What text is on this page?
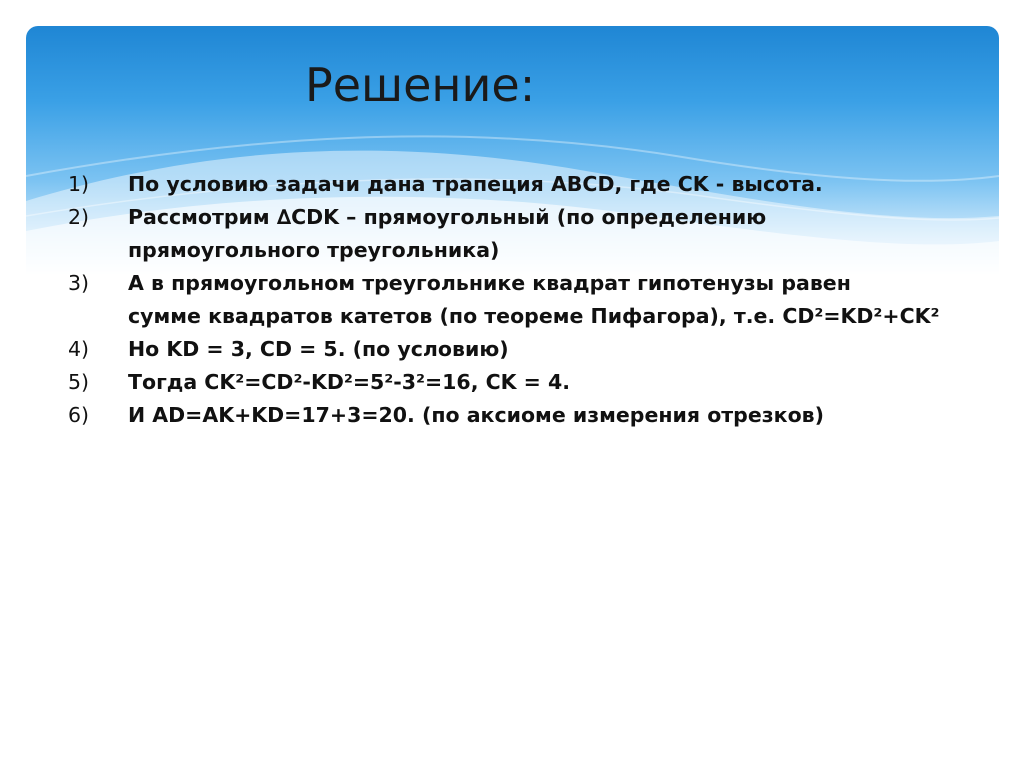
Решение:
1)	По условию задачи дана трапеция ABCD, где CK - высота.
2)	Рассмотрим ∆CDK – прямоугольный (по определению
прямоугольного треугольника)
3)	А в прямоугольном треугольнике квадрат гипотенузы равен
сумме квадратов катетов (по теореме Пифагора), т.е. CD²=KD²+CK²
4)	Но KD = 3, CD = 5. (по условию)
5)	Тогда CK²=CD²-KD²=5²-3²=16, CK = 4.
6)	И AD=AK+KD=17+3=20. (по аксиоме измерения отрезков)
